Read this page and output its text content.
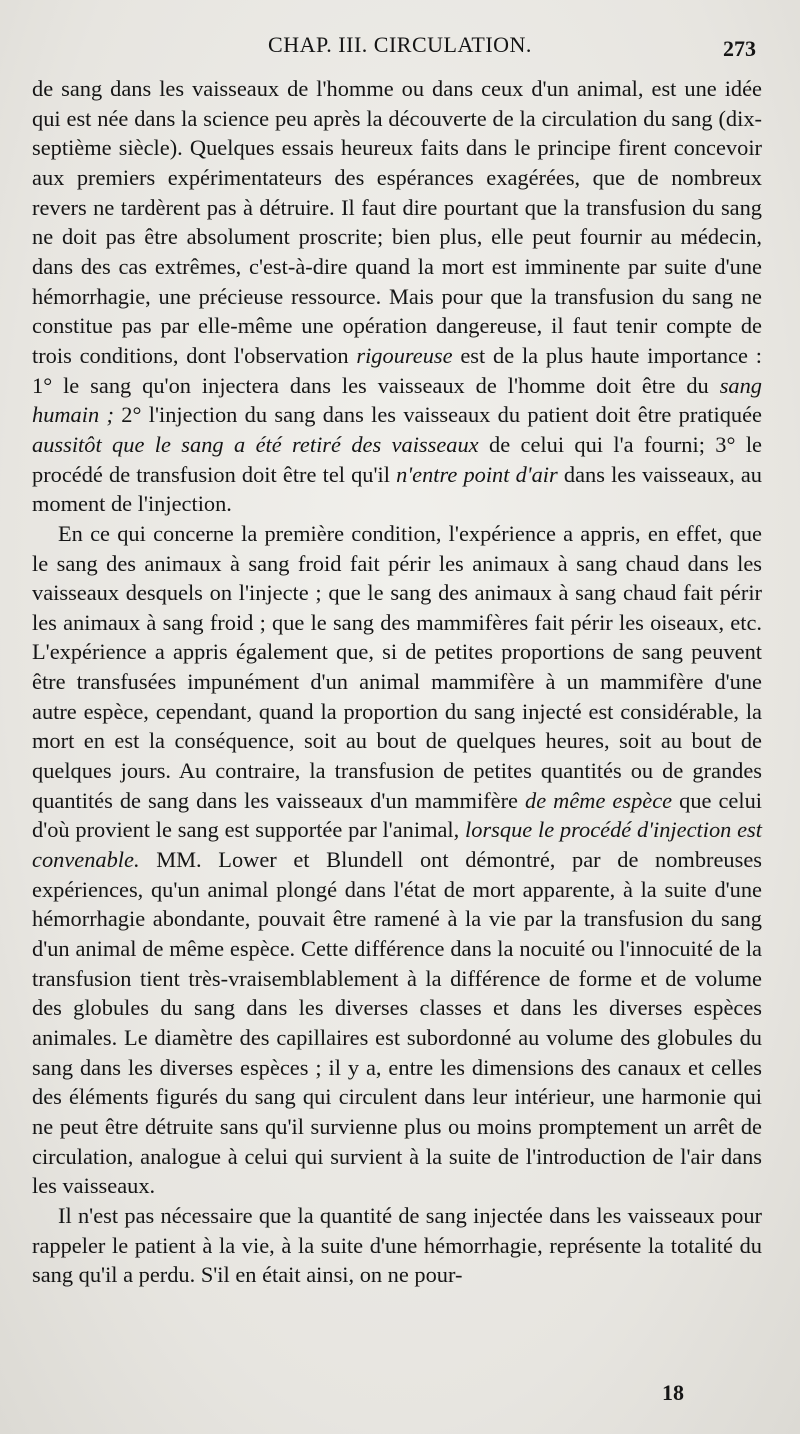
CHAP. III. CIRCULATION.	273

de sang dans les vaisseaux de l'homme ou dans ceux d'un animal, est une idée qui est née dans la science peu après la découverte de la circulation du sang (dix-septième siècle). Quelques essais heureux faits dans le principe firent concevoir aux premiers expérimentateurs des espérances exagérées, que de nombreux revers ne tardèrent pas à détruire. Il faut dire pourtant que la transfusion du sang ne doit pas être absolument proscrite; bien plus, elle peut fournir au médecin, dans des cas extrêmes, c'est-à-dire quand la mort est imminente par suite d'une hémorrhagie, une précieuse ressource. Mais pour que la transfusion du sang ne constitue pas par elle-même une opération dangereuse, il faut tenir compte de trois conditions, dont l'observation rigoureuse est de la plus haute importance : 1° le sang qu'on injectera dans les vaisseaux de l'homme doit être du sang humain ; 2° l'injection du sang dans les vaisseaux du patient doit être pratiquée aussitôt que le sang a été retiré des vaisseaux de celui qui l'a fourni; 3° le procédé de transfusion doit être tel qu'il n'entre point d'air dans les vaisseaux, au moment de l'injection.

En ce qui concerne la première condition, l'expérience a appris, en effet, que le sang des animaux à sang froid fait périr les animaux à sang chaud dans les vaisseaux desquels on l'injecte ; que le sang des animaux à sang chaud fait périr les animaux à sang froid ; que le sang des mammifères fait périr les oiseaux, etc. L'expérience a appris également que, si de petites proportions de sang peuvent être transfusées impunément d'un animal mammifère à un mammifère d'une autre espèce, cependant, quand la proportion du sang injecté est considérable, la mort en est la conséquence, soit au bout de quelques heures, soit au bout de quelques jours. Au contraire, la transfusion de petites quantités ou de grandes quantités de sang dans les vaisseaux d'un mammifère de même espèce que celui d'où provient le sang est supportée par l'animal, lorsque le procédé d'injection est convenable. MM. Lower et Blundell ont démontré, par de nombreuses expériences, qu'un animal plongé dans l'état de mort apparente, à la suite d'une hémorrhagie abondante, pouvait être ramené à la vie par la transfusion du sang d'un animal de même espèce. Cette différence dans la nocuité ou l'innocuité de la transfusion tient très-vraisemblablement à la différence de forme et de volume des globules du sang dans les diverses classes et dans les diverses espèces animales. Le diamètre des capillaires est subordonné au volume des globules du sang dans les diverses espèces ; il y a, entre les dimensions des canaux et celles des éléments figurés du sang qui circulent dans leur intérieur, une harmonie qui ne peut être détruite sans qu'il survienne plus ou moins promptement un arrêt de circulation, analogue à celui qui survient à la suite de l'introduction de l'air dans les vaisseaux.

Il n'est pas nécessaire que la quantité de sang injectée dans les vaisseaux pour rappeler le patient à la vie, à la suite d'une hémorrhagie, représente la totalité du sang qu'il a perdu. S'il en était ainsi, on ne pour-

18
